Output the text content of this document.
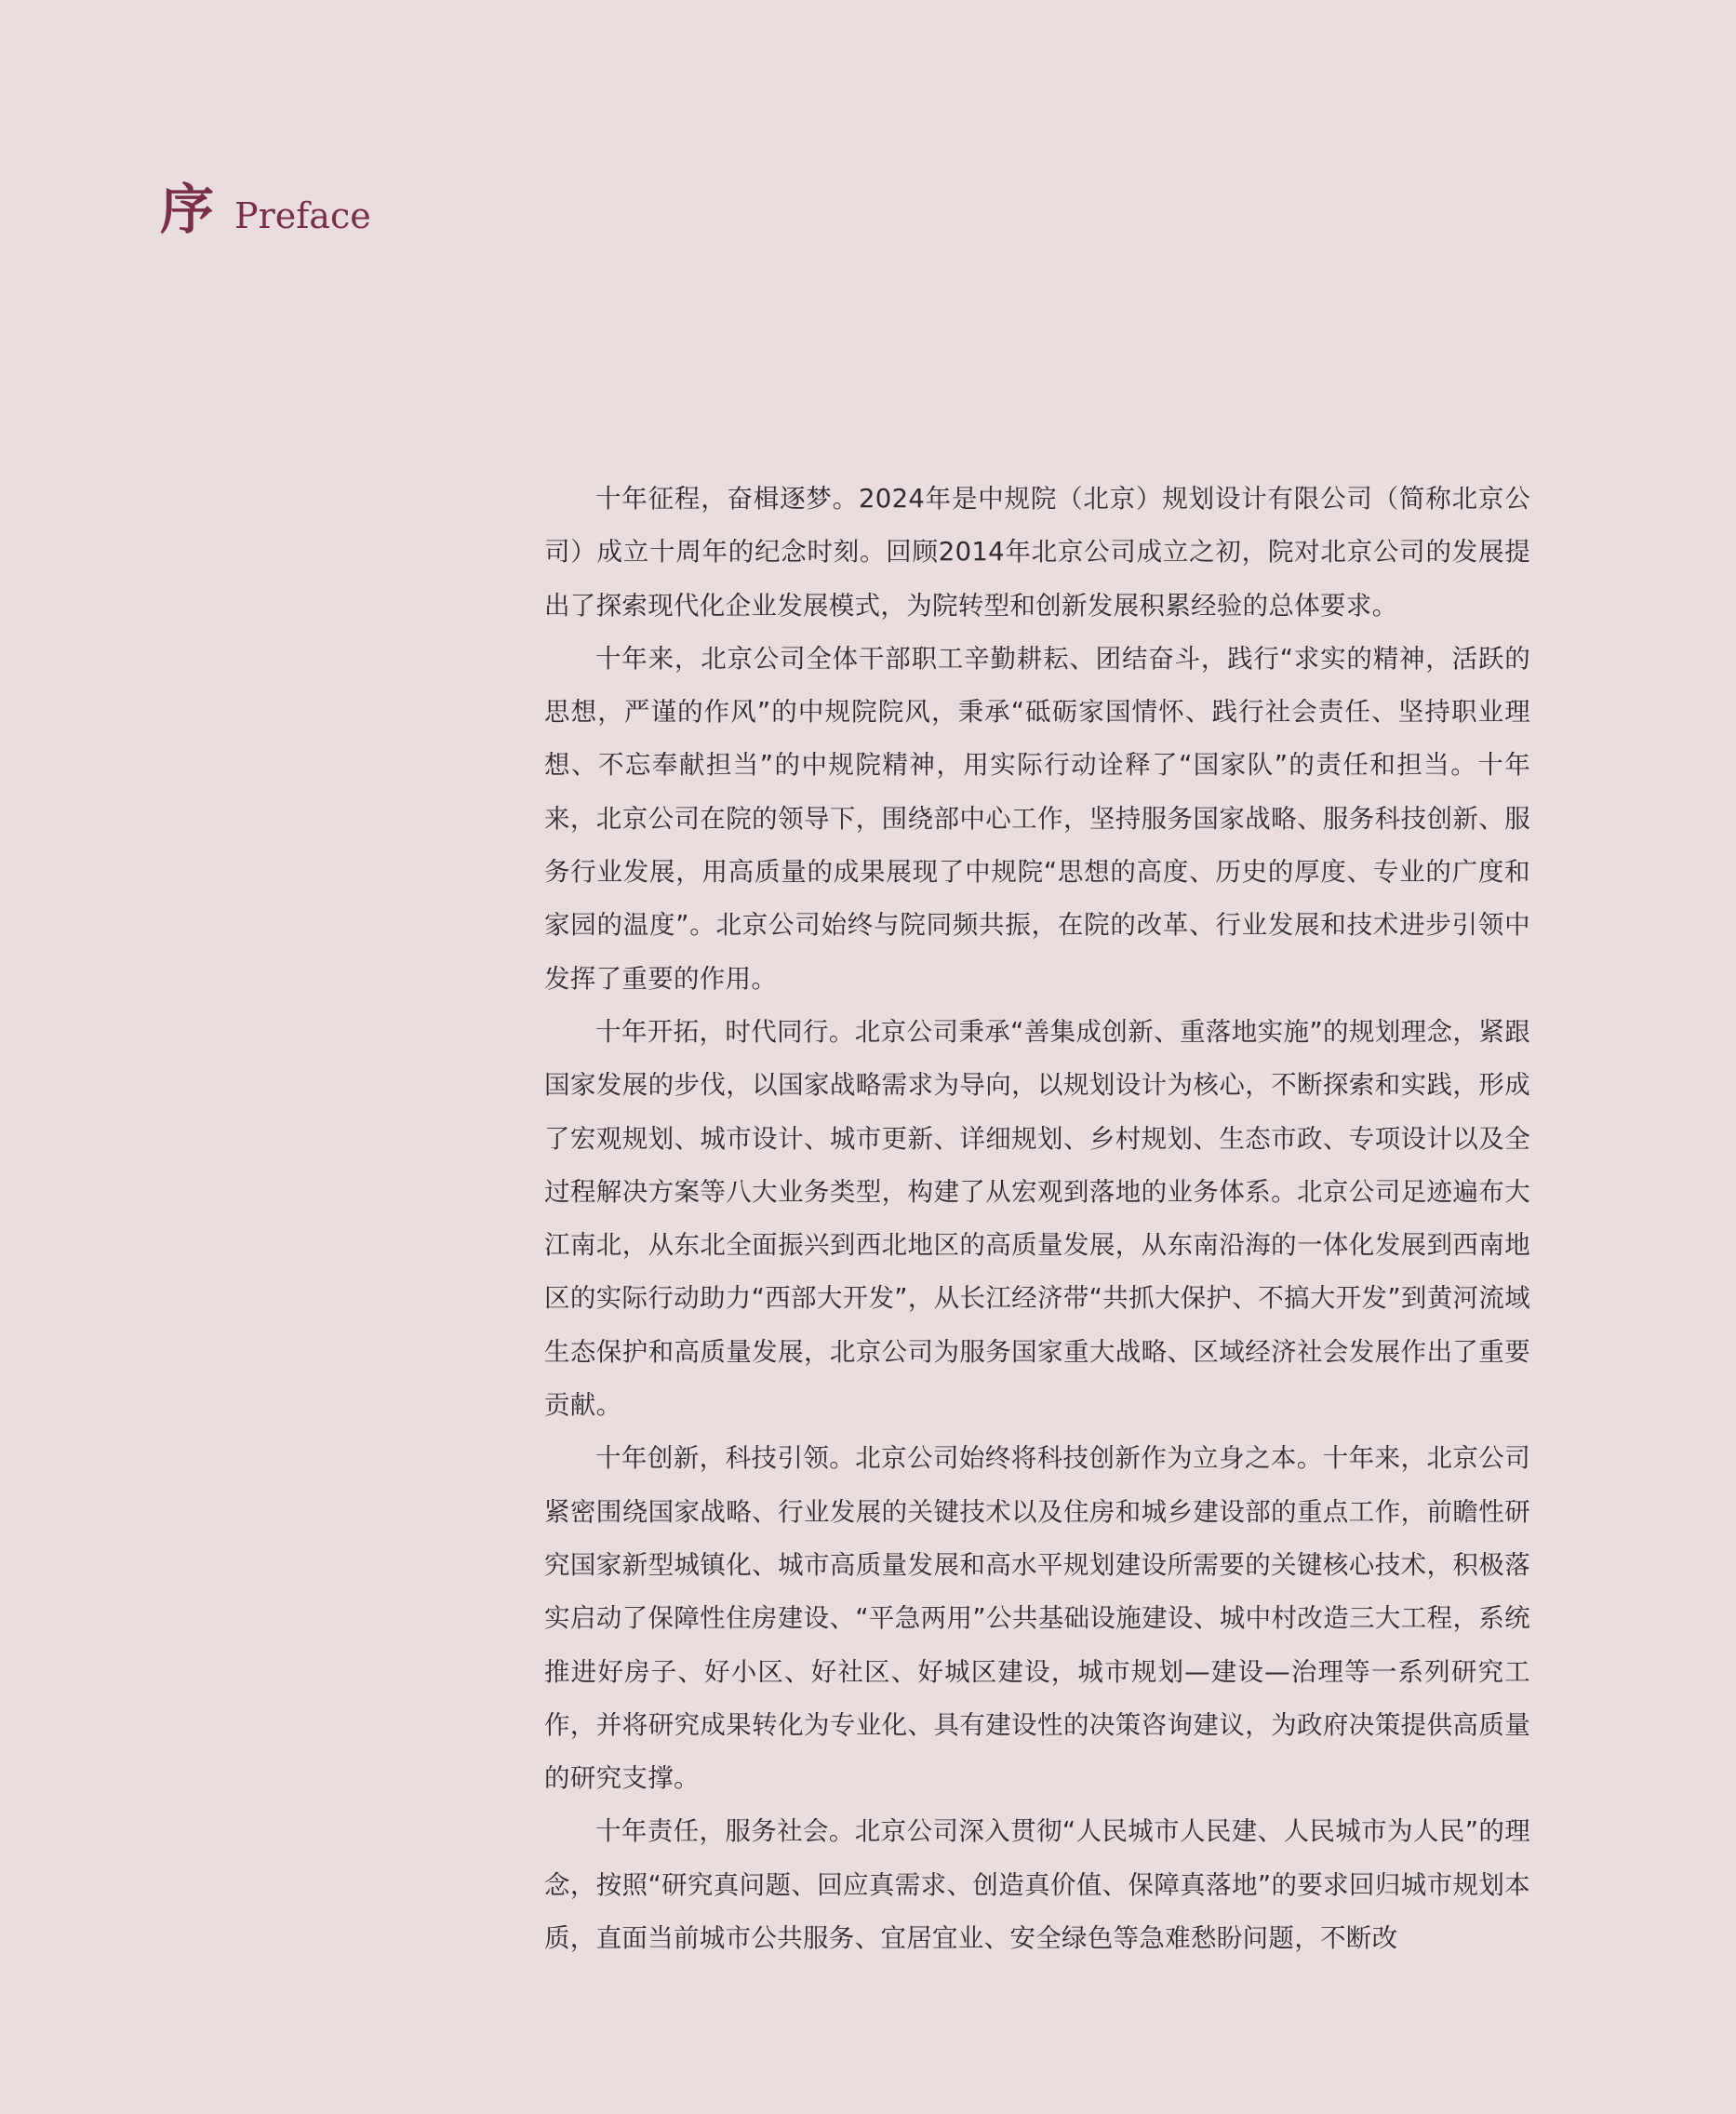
序 Preface

十年征程，奋楫逐梦。2024年是中规院（北京）规划设计有限公司（简称北京公司）成立十周年的纪念时刻。回顾2014年北京公司成立之初，院对北京公司的发展提出了探索现代化企业发展模式，为院转型和创新发展积累经验的总体要求。

十年来，北京公司全体干部职工辛勤耕耘、团结奋斗，践行“求实的精神，活跃的思想，严谨的作风”的中规院院风，秉承“砥砺家国情怀、践行社会责任、坚持职业理想、不忘奉献担当”的中规院精神，用实际行动诠释了“国家队”的责任和担当。十年来，北京公司在院的领导下，围绕部中心工作，坚持服务国家战略、服务科技创新、服务行业发展，用高质量的成果展现了中规院“思想的高度、历史的厚度、专业的广度和家园的温度”。北京公司始终与院同频共振，在院的改革、行业发展和技术进步引领中发挥了重要的作用。

十年开拓，时代同行。北京公司秉承“善集成创新、重落地实施”的规划理念，紧跟国家发展的步伐，以国家战略需求为导向，以规划设计为核心，不断探索和实践，形成了宏观规划、城市设计、城市更新、详细规划、乡村规划、生态市政、专项设计以及全过程解决方案等八大业务类型，构建了从宏观到落地的业务体系。北京公司足迹遍布大江南北，从东北全面振兴到西北地区的高质量发展，从东南沿海的一体化发展到西南地区的实际行动助力“西部大开发”，从长江经济带“共抓大保护、不搞大开发”到黄河流域生态保护和高质量发展，北京公司为服务国家重大战略、区域经济社会发展作出了重要贡献。

十年创新，科技引领。北京公司始终将科技创新作为立身之本。十年来，北京公司紧密围绕国家战略、行业发展的关键技术以及住房和城乡建设部的重点工作，前瞻性研究国家新型城镇化、城市高质量发展和高水平规划建设所需要的关键核心技术，积极落实启动了保障性住房建设、“平急两用”公共基础设施建设、城中村改造三大工程，系统推进好房子、好小区、好社区、好城区建设，城市规划—建设—治理等一系列研究工作，并将研究成果转化为专业化、具有建设性的决策咨询建议，为政府决策提供高质量的研究支撑。

十年责任，服务社会。北京公司深入贯彻“人民城市人民建、人民城市为人民”的理念，按照“研究真问题、回应真需求、创造真价值、保障真落地”的要求回归城市规划本质，直面当前城市公共服务、宜居宜业、安全绿色等急难愁盼问题，不断改
